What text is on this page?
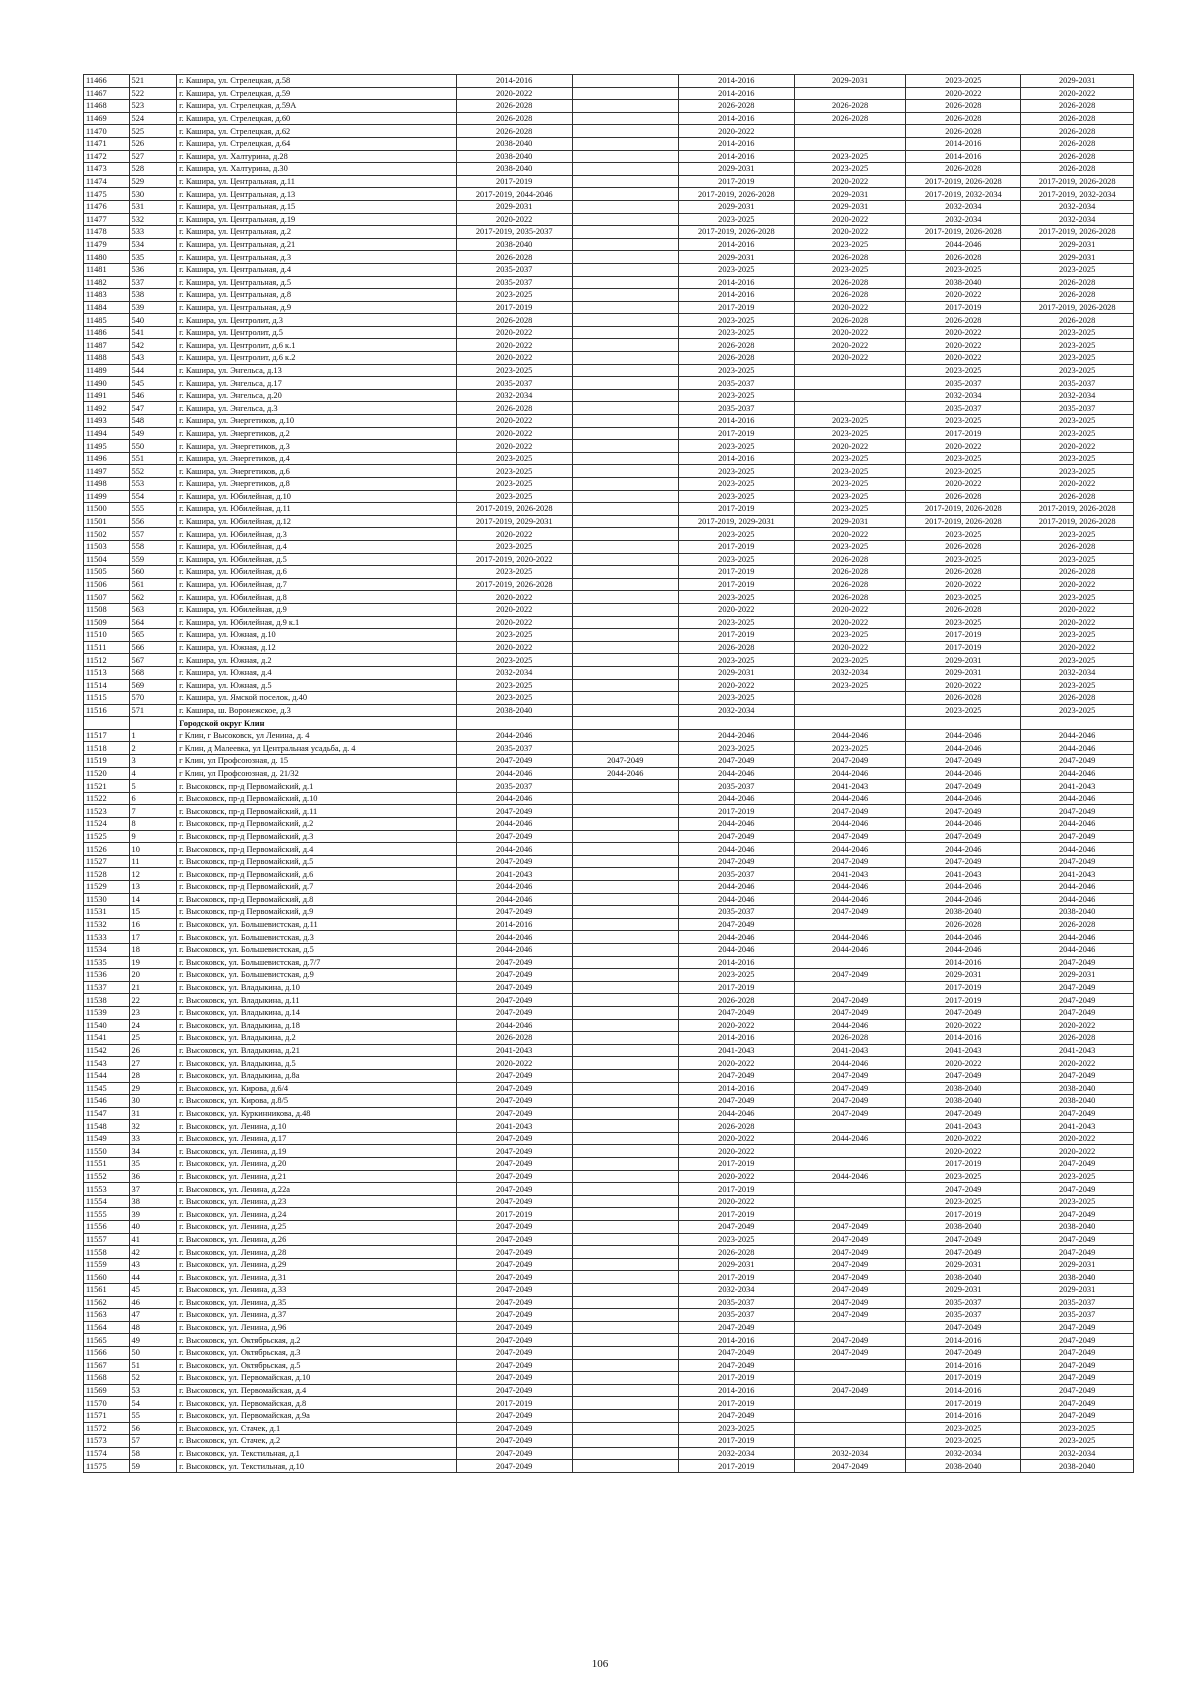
11466	521	г. Кашира, ул. Стрелецкая, д.58	2014-2016		2014-2016	2029-2031	2023-2025	2029-2031
11467	522	г. Кашира, ул. Стрелецкая, д.59	2020-2022		2014-2016		2020-2022	2020-2022
11468	523	г. Кашира, ул. Стрелецкая, д.59А	2026-2028		2026-2028	2026-2028	2026-2028	2026-2028
11469	524	г. Кашира, ул. Стрелецкая, д.60	2026-2028		2014-2016	2026-2028	2026-2028	2026-2028
11470	525	г. Кашира, ул. Стрелецкая, д.62	2026-2028		2020-2022		2026-2028	2026-2028
11471	526	г. Кашира, ул. Стрелецкая, д.64	2038-2040		2014-2016		2014-2016	2026-2028
11472	527	г. Кашира, ул. Халтурина, д.28	2038-2040		2014-2016	2023-2025	2014-2016	2026-2028
11473	528	г. Кашира, ул. Халтурина, д.30	2038-2040		2029-2031	2023-2025	2026-2028	2026-2028
11474	529	г. Кашира, ул. Центральная, д.11	2017-2019		2017-2019	2020-2022	2017-2019, 2026-2028	2017-2019, 2026-2028
11475	530	г. Кашира, ул. Центральная, д.13	2017-2019, 2044-2046		2017-2019, 2026-2028	2029-2031	2017-2019, 2032-2034	2017-2019, 2032-2034
11476	531	г. Кашира, ул. Центральная, д.15	2029-2031		2029-2031	2029-2031	2032-2034	2032-2034
11477	532	г. Кашира, ул. Центральная, д.19	2020-2022		2023-2025	2020-2022	2032-2034	2032-2034
11478	533	г. Кашира, ул. Центральная, д.2	2017-2019, 2035-2037		2017-2019, 2026-2028	2020-2022	2017-2019, 2026-2028	2017-2019, 2026-2028
11479	534	г. Кашира, ул. Центральная, д.21	2038-2040		2014-2016	2023-2025	2044-2046	2029-2031
11480	535	г. Кашира, ул. Центральная, д.3	2026-2028		2029-2031	2026-2028	2026-2028	2029-2031
11481	536	г. Кашира, ул. Центральная, д.4	2035-2037		2023-2025	2023-2025	2023-2025	2023-2025
11482	537	г. Кашира, ул. Центральная, д.5	2035-2037		2014-2016	2026-2028	2038-2040	2026-2028
11483	538	г. Кашира, ул. Центральная, д.8	2023-2025		2014-2016	2026-2028	2020-2022	2026-2028
11484	539	г. Кашира, ул. Центральная, д.9	2017-2019		2017-2019	2020-2022	2017-2019	2017-2019, 2026-2028
11485	540	г. Кашира, ул. Центролит, д.3	2026-2028		2023-2025	2026-2028	2026-2028	2026-2028
11486	541	г. Кашира, ул. Центролит, д.5	2020-2022		2023-2025	2020-2022	2020-2022	2023-2025
11487	542	г. Кашира, ул. Центролит, д.6 к.1	2020-2022		2026-2028	2020-2022	2020-2022	2023-2025
11488	543	г. Кашира, ул. Центролит, д.6 к.2	2020-2022		2026-2028	2020-2022	2020-2022	2023-2025
11489	544	г. Кашира, ул. Энгельса, д.13	2023-2025		2023-2025		2023-2025	2023-2025
11490	545	г. Кашира, ул. Энгельса, д.17	2035-2037		2035-2037		2035-2037	2035-2037
11491	546	г. Кашира, ул. Энгельса, д.20	2032-2034		2023-2025		2032-2034	2032-2034
11492	547	г. Кашира, ул. Энгельса, д.3	2026-2028		2035-2037		2035-2037	2035-2037
11493	548	г. Кашира, ул. Энергетиков, д.10	2020-2022		2014-2016	2023-2025	2023-2025	2023-2025
11494	549	г. Кашира, ул. Энергетиков, д.2	2020-2022		2017-2019	2023-2025	2017-2019	2023-2025
11495	550	г. Кашира, ул. Энергетиков, д.3	2020-2022		2023-2025	2020-2022	2020-2022	2020-2022
11496	551	г. Кашира, ул. Энергетиков, д.4	2023-2025		2014-2016	2023-2025	2023-2025	2023-2025
11497	552	г. Кашира, ул. Энергетиков, д.6	2023-2025		2023-2025	2023-2025	2023-2025	2023-2025
11498	553	г. Кашира, ул. Энергетиков, д.8	2023-2025		2023-2025	2023-2025	2020-2022	2020-2022
11499	554	г. Кашира, ул. Юбилейная, д.10	2023-2025		2023-2025	2023-2025	2026-2028	2026-2028
11500	555	г. Кашира, ул. Юбилейная, д.11	2017-2019, 2026-2028		2017-2019	2023-2025	2017-2019, 2026-2028	2017-2019, 2026-2028
11501	556	г. Кашира, ул. Юбилейная, д.12	2017-2019, 2029-2031		2017-2019, 2029-2031	2029-2031	2017-2019, 2026-2028	2017-2019, 2026-2028
11502	557	г. Кашира, ул. Юбилейная, д.3	2020-2022		2023-2025	2020-2022	2023-2025	2023-2025
11503	558	г. Кашира, ул. Юбилейная, д.4	2023-2025		2017-2019	2023-2025	2026-2028	2026-2028
11504	559	г. Кашира, ул. Юбилейная, д.5	2017-2019, 2020-2022		2023-2025	2026-2028	2023-2025	2023-2025
11505	560	г. Кашира, ул. Юбилейная, д.6	2023-2025		2017-2019	2026-2028	2026-2028	2026-2028
11506	561	г. Кашира, ул. Юбилейная, д.7	2017-2019, 2026-2028		2017-2019	2026-2028	2020-2022	2020-2022
11507	562	г. Кашира, ул. Юбилейная, д.8	2020-2022		2023-2025	2026-2028	2023-2025	2023-2025
11508	563	г. Кашира, ул. Юбилейная, д.9	2020-2022		2020-2022	2020-2022	2026-2028	2020-2022
11509	564	г. Кашира, ул. Юбилейная, д.9 к.1	2020-2022		2023-2025	2020-2022	2023-2025	2020-2022
11510	565	г. Кашира, ул. Южная, д.10	2023-2025		2017-2019	2023-2025	2017-2019	2023-2025
11511	566	г. Кашира, ул. Южная, д.12	2020-2022		2026-2028	2020-2022	2017-2019	2020-2022
11512	567	г. Кашира, ул. Южная, д.2	2023-2025		2023-2025	2023-2025	2029-2031	2023-2025
11513	568	г. Кашира, ул. Южная, д.4	2032-2034		2029-2031	2032-2034	2029-2031	2032-2034
11514	569	г. Кашира, ул. Южная, д.5	2023-2025		2020-2022	2023-2025	2020-2022	2023-2025
11515	570	г. Кашира, ул. Ямской поселок, д.40	2023-2025		2023-2025		2026-2028	2026-2028
11516	571	г. Кашира, ш. Воронежское, д.3	2038-2040		2032-2034		2023-2025	2023-2025
		Городской округ Клин						
11517	1	г Клин, г Высоковск, ул Ленина, д. 4	2044-2046		2044-2046	2044-2046	2044-2046	2044-2046
11518	2	г Клин, д Малеевка, ул Центральная усадьба, д. 4	2035-2037		2023-2025	2023-2025	2044-2046	2044-2046
11519	3	г Клин, ул Профсоюзная, д. 15	2047-2049	2047-2049	2047-2049	2047-2049	2047-2049	2047-2049
11520	4	г Клин, ул Профсоюзная, д. 21/32	2044-2046	2044-2046	2044-2046	2044-2046	2044-2046	2044-2046
11521	5	г. Высоковск, пр-д Первомайский, д.1	2035-2037		2035-2037	2041-2043	2047-2049	2041-2043
11522	6	г. Высоковск, пр-д Первомайский, д.10	2044-2046		2044-2046	2044-2046	2044-2046	2044-2046
11523	7	г. Высоковск, пр-д Первомайский, д.11	2047-2049		2017-2019	2047-2049	2047-2049	2047-2049
11524	8	г. Высоковск, пр-д Первомайский, д.2	2044-2046		2044-2046	2044-2046	2044-2046	2044-2046
11525	9	г. Высоковск, пр-д Первомайский, д.3	2047-2049		2047-2049	2047-2049	2047-2049	2047-2049
11526	10	г. Высоковск, пр-д Первомайский, д.4	2044-2046		2044-2046	2044-2046	2044-2046	2044-2046
11527	11	г. Высоковск, пр-д Первомайский, д.5	2047-2049		2047-2049	2047-2049	2047-2049	2047-2049
11528	12	г. Высоковск, пр-д Первомайский, д.6	2041-2043		2035-2037	2041-2043	2041-2043	2041-2043
11529	13	г. Высоковск, пр-д Первомайский, д.7	2044-2046		2044-2046	2044-2046	2044-2046	2044-2046
11530	14	г. Высоковск, пр-д Первомайский, д.8	2044-2046		2044-2046	2044-2046	2044-2046	2044-2046
11531	15	г. Высоковск, пр-д Первомайский, д.9	2047-2049		2035-2037	2047-2049	2038-2040	2038-2040
11532	16	г. Высоковск, ул. Большевистская, д.11	2014-2016		2047-2049		2026-2028	2026-2028
11533	17	г. Высоковск, ул. Большевистская, д.3	2044-2046		2044-2046	2044-2046	2044-2046	2044-2046
11534	18	г. Высоковск, ул. Большевистская, д.5	2044-2046		2044-2046	2044-2046	2044-2046	2044-2046
11535	19	г. Высоковск, ул. Большевистская, д.7/7	2047-2049		2014-2016		2014-2016	2047-2049
11536	20	г. Высоковск, ул. Большевистская, д.9	2047-2049		2023-2025	2047-2049	2029-2031	2029-2031
11537	21	г. Высоковск, ул. Владыкина, д.10	2047-2049		2017-2019		2017-2019	2047-2049
11538	22	г. Высоковск, ул. Владыкина, д.11	2047-2049		2026-2028	2047-2049	2017-2019	2047-2049
11539	23	г. Высоковск, ул. Владыкина, д.14	2047-2049		2047-2049	2047-2049	2047-2049	2047-2049
11540	24	г. Высоковск, ул. Владыкина, д.18	2044-2046		2020-2022	2044-2046	2020-2022	2020-2022
11541	25	г. Высоковск, ул. Владыкина, д.2	2026-2028		2014-2016	2026-2028	2014-2016	2026-2028
11542	26	г. Высоковск, ул. Владыкина, д.21	2041-2043		2041-2043	2041-2043	2041-2043	2041-2043
11543	27	г. Высоковск, ул. Владыкина, д.5	2020-2022		2020-2022	2044-2046	2020-2022	2020-2022
11544	28	г. Высоковск, ул. Владыкина, д.8а	2047-2049		2047-2049	2047-2049	2047-2049	2047-2049
11545	29	г. Высоковск, ул. Кирова, д.6/4	2047-2049		2014-2016	2047-2049	2038-2040	2038-2040
11546	30	г. Высоковск, ул. Кирова, д.8/5	2047-2049		2047-2049	2047-2049	2038-2040	2038-2040
11547	31	г. Высоковск, ул. Куркинникова, д.48	2047-2049		2044-2046	2047-2049	2047-2049	2047-2049
11548	32	г. Высоковск, ул. Ленина, д.10	2041-2043		2026-2028		2041-2043	2041-2043
11549	33	г. Высоковск, ул. Ленина, д.17	2047-2049		2020-2022	2044-2046	2020-2022	2020-2022
11550	34	г. Высоковск, ул. Ленина, д.19	2047-2049		2020-2022		2020-2022	2020-2022
11551	35	г. Высоковск, ул. Ленина, д.20	2047-2049		2017-2019		2017-2019	2047-2049
11552	36	г. Высоковск, ул. Ленина, д.21	2047-2049		2020-2022	2044-2046	2023-2025	2023-2025
11553	37	г. Высоковск, ул. Ленина, д.22а	2047-2049		2017-2019		2047-2049	2047-2049
11554	38	г. Высоковск, ул. Ленина, д.23	2047-2049		2020-2022		2023-2025	2023-2025
11555	39	г. Высоковск, ул. Ленина, д.24	2017-2019		2017-2019		2017-2019	2047-2049
11556	40	г. Высоковск, ул. Ленина, д.25	2047-2049		2047-2049	2047-2049	2038-2040	2038-2040
11557	41	г. Высоковск, ул. Ленина, д.26	2047-2049		2023-2025	2047-2049	2047-2049	2047-2049
11558	42	г. Высоковск, ул. Ленина, д.28	2047-2049		2026-2028	2047-2049	2047-2049	2047-2049
11559	43	г. Высоковск, ул. Ленина, д.29	2047-2049		2029-2031	2047-2049	2029-2031	2029-2031
11560	44	г. Высоковск, ул. Ленина, д.31	2047-2049		2017-2019	2047-2049	2038-2040	2038-2040
11561	45	г. Высоковск, ул. Ленина, д.33	2047-2049		2032-2034	2047-2049	2029-2031	2029-2031
11562	46	г. Высоковск, ул. Ленина, д.35	2047-2049		2035-2037	2047-2049	2035-2037	2035-2037
11563	47	г. Высоковск, ул. Ленина, д.37	2047-2049		2035-2037	2047-2049	2035-2037	2035-2037
11564	48	г. Высоковск, ул. Ленина, д.96	2047-2049		2047-2049		2047-2049	2047-2049
11565	49	г. Высоковск, ул. Октябрьская, д.2	2047-2049		2014-2016	2047-2049	2014-2016	2047-2049
11566	50	г. Высоковск, ул. Октябрьская, д.3	2047-2049		2047-2049	2047-2049	2047-2049	2047-2049
11567	51	г. Высоковск, ул. Октябрьская, д.5	2047-2049		2047-2049		2014-2016	2047-2049
11568	52	г. Высоковск, ул. Первомайская, д.10	2047-2049		2017-2019		2017-2019	2047-2049
11569	53	г. Высоковск, ул. Первомайская, д.4	2047-2049		2014-2016	2047-2049	2014-2016	2047-2049
11570	54	г. Высоковск, ул. Первомайская, д.8	2017-2019		2017-2019		2017-2019	2047-2049
11571	55	г. Высоковск, ул. Первомайская, д.9а	2047-2049		2047-2049		2014-2016	2047-2049
11572	56	г. Высоковск, ул. Стачек, д.1	2047-2049		2023-2025		2023-2025	2023-2025
11573	57	г. Высоковск, ул. Стачек, д.2	2047-2049		2017-2019		2023-2025	2023-2025
11574	58	г. Высоковск, ул. Текстильная, д.1	2047-2049		2032-2034	2032-2034	2032-2034	2032-2034
11575	59	г. Высоковск, ул. Текстильная, д.10	2047-2049		2017-2019	2047-2049	2038-2040	2038-2040
106
